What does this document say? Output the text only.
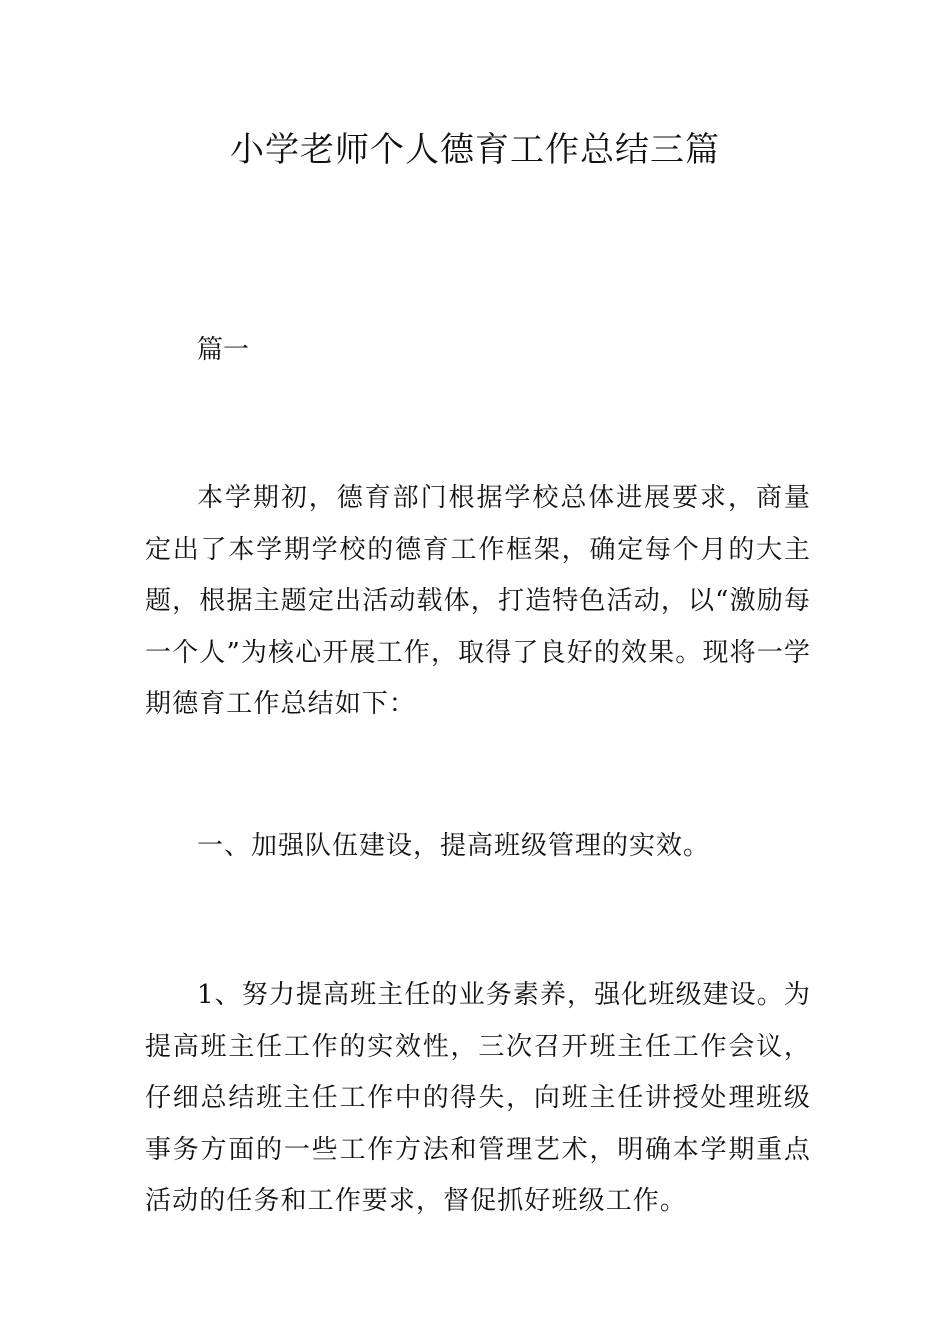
小学老师个人德育工作总结三篇
篇一
本学期初，德育部门根据学校总体进展要求，商量定出了本学期学校的德育工作框架，确定每个月的大主题，根据主题定出活动载体，打造特色活动，以“激励每一个人”为核心开展工作，取得了良好的效果。现将一学期德育工作总结如下：
一、加强队伍建设，提高班级管理的实效。
1、努力提高班主任的业务素养，强化班级建设。为提高班主任工作的实效性，三次召开班主任工作会议，仔细总结班主任工作中的得失，向班主任讲授处理班级事务方面的一些工作方法和管理艺术，明确本学期重点活动的任务和工作要求，督促抓好班级工作。
